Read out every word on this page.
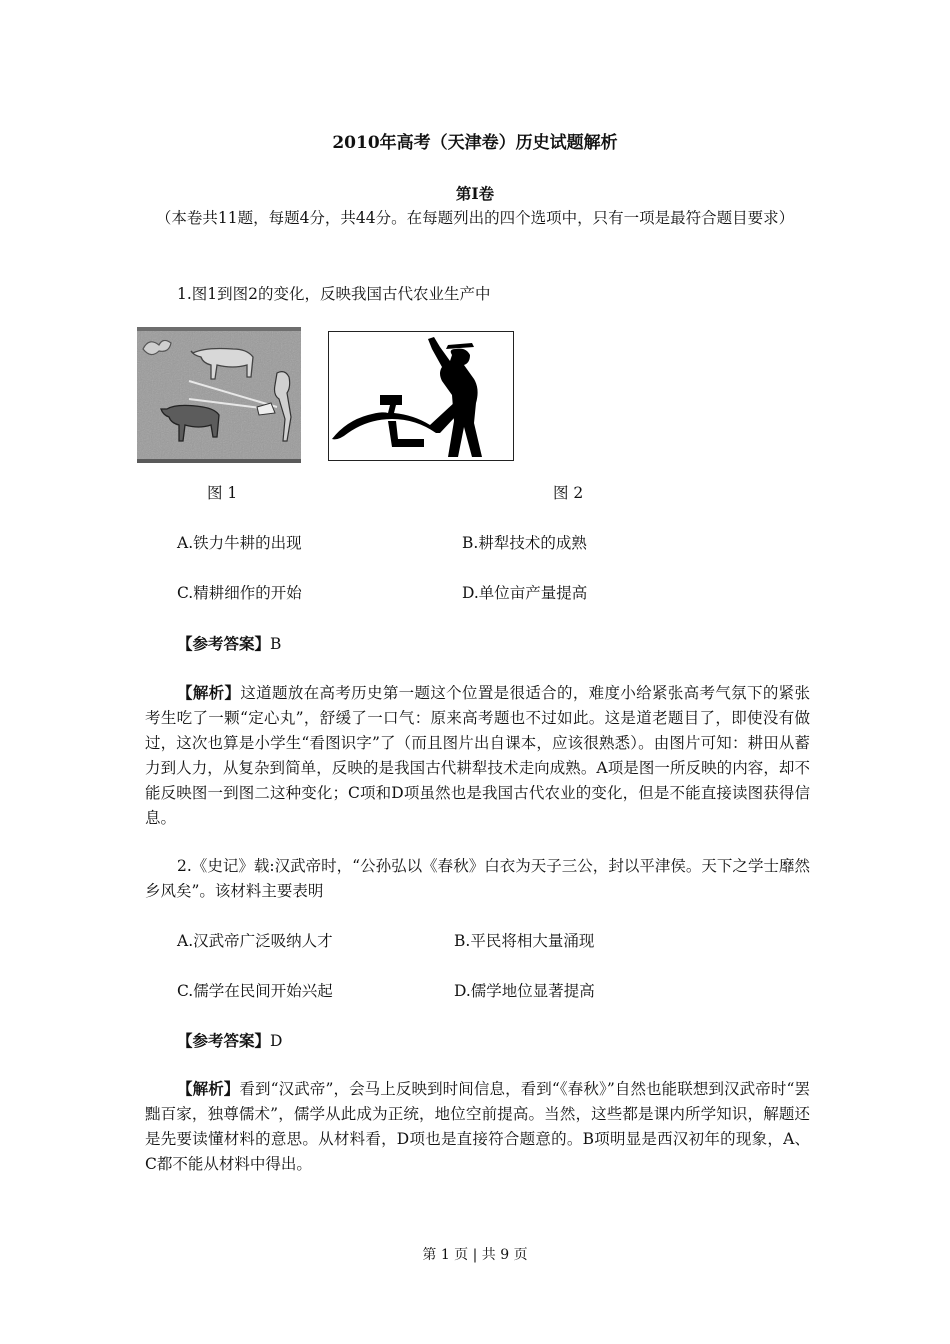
2010年高考（天津卷）历史试题解析
第I卷
（本卷共11题，每题4分，共44分。在每题列出的四个选项中，只有一项是最符合题目要求）
1.图1到图2的变化，反映我国古代农业生产中
图 1	图 2
A.铁力牛耕的出现	B.耕犁技术的成熟
C.精耕细作的开始	D.单位亩产量提高
【参考答案】B
【解析】这道题放在高考历史第一题这个位置是很适合的，难度小给紧张高考气氛下的紧张考生吃了一颗“定心丸”，舒缓了一口气：原来高考题也不过如此。这是道老题目了，即使没有做过，这次也算是小学生“看图识字”了（而且图片出自课本，应该很熟悉）。由图片可知：耕田从蓄力到人力，从复杂到简单，反映的是我国古代耕犁技术走向成熟。A项是图一所反映的内容，却不能反映图一到图二这种变化；C项和D项虽然也是我国古代农业的变化，但是不能直接读图获得信息。
2.《史记》载:汉武帝时，“公孙弘以《春秋》白衣为天子三公，封以平津侯。天下之学士靡然乡风矣”。该材料主要表明
A.汉武帝广泛吸纳人才	B.平民将相大量涌现
C.儒学在民间开始兴起	D.儒学地位显著提高
【参考答案】D
【解析】看到“汉武帝”，会马上反映到时间信息，看到“《春秋》”自然也能联想到汉武帝时“罢黜百家，独尊儒术”，儒学从此成为正统，地位空前提高。当然，这些都是课内所学知识，解题还是先要读懂材料的意思。从材料看，D项也是直接符合题意的。B项明显是西汉初年的现象，A、C都不能从材料中得出。
第 1 页 | 共 9 页
